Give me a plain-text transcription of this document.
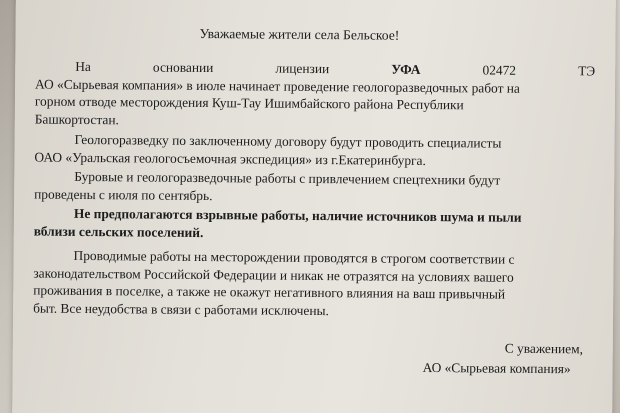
Уважаемые жители села Бельское!
На	основании	лицензии	УФА	02472	ТЭ
АО «Сырьевая компания» в июле начинает проведение геологоразведочных работ на
горном отводе месторождения Куш-Тау Ишимбайского района Республики
Башкортостан.
Геологоразведку по заключенному договору будут проводить специалисты
ОАО «Уральская геологосъемочная экспедиция» из г.Екатеринбурга.
Буровые и геологоразведочные работы с привлечением спецтехники будут
проведены с июля по сентябрь.
Не предполагаются взрывные работы, наличие источников шума и пыли
вблизи сельских поселений.
Проводимые работы на месторождении проводятся в строгом соответствии с
законодательством Российской Федерации и никак не отразятся на условиях вашего
проживания в поселке, а также не окажут негативного влияния на ваш привычный
быт. Все неудобства в связи с работами исключены.
С уважением,
АО «Сырьевая компания»
